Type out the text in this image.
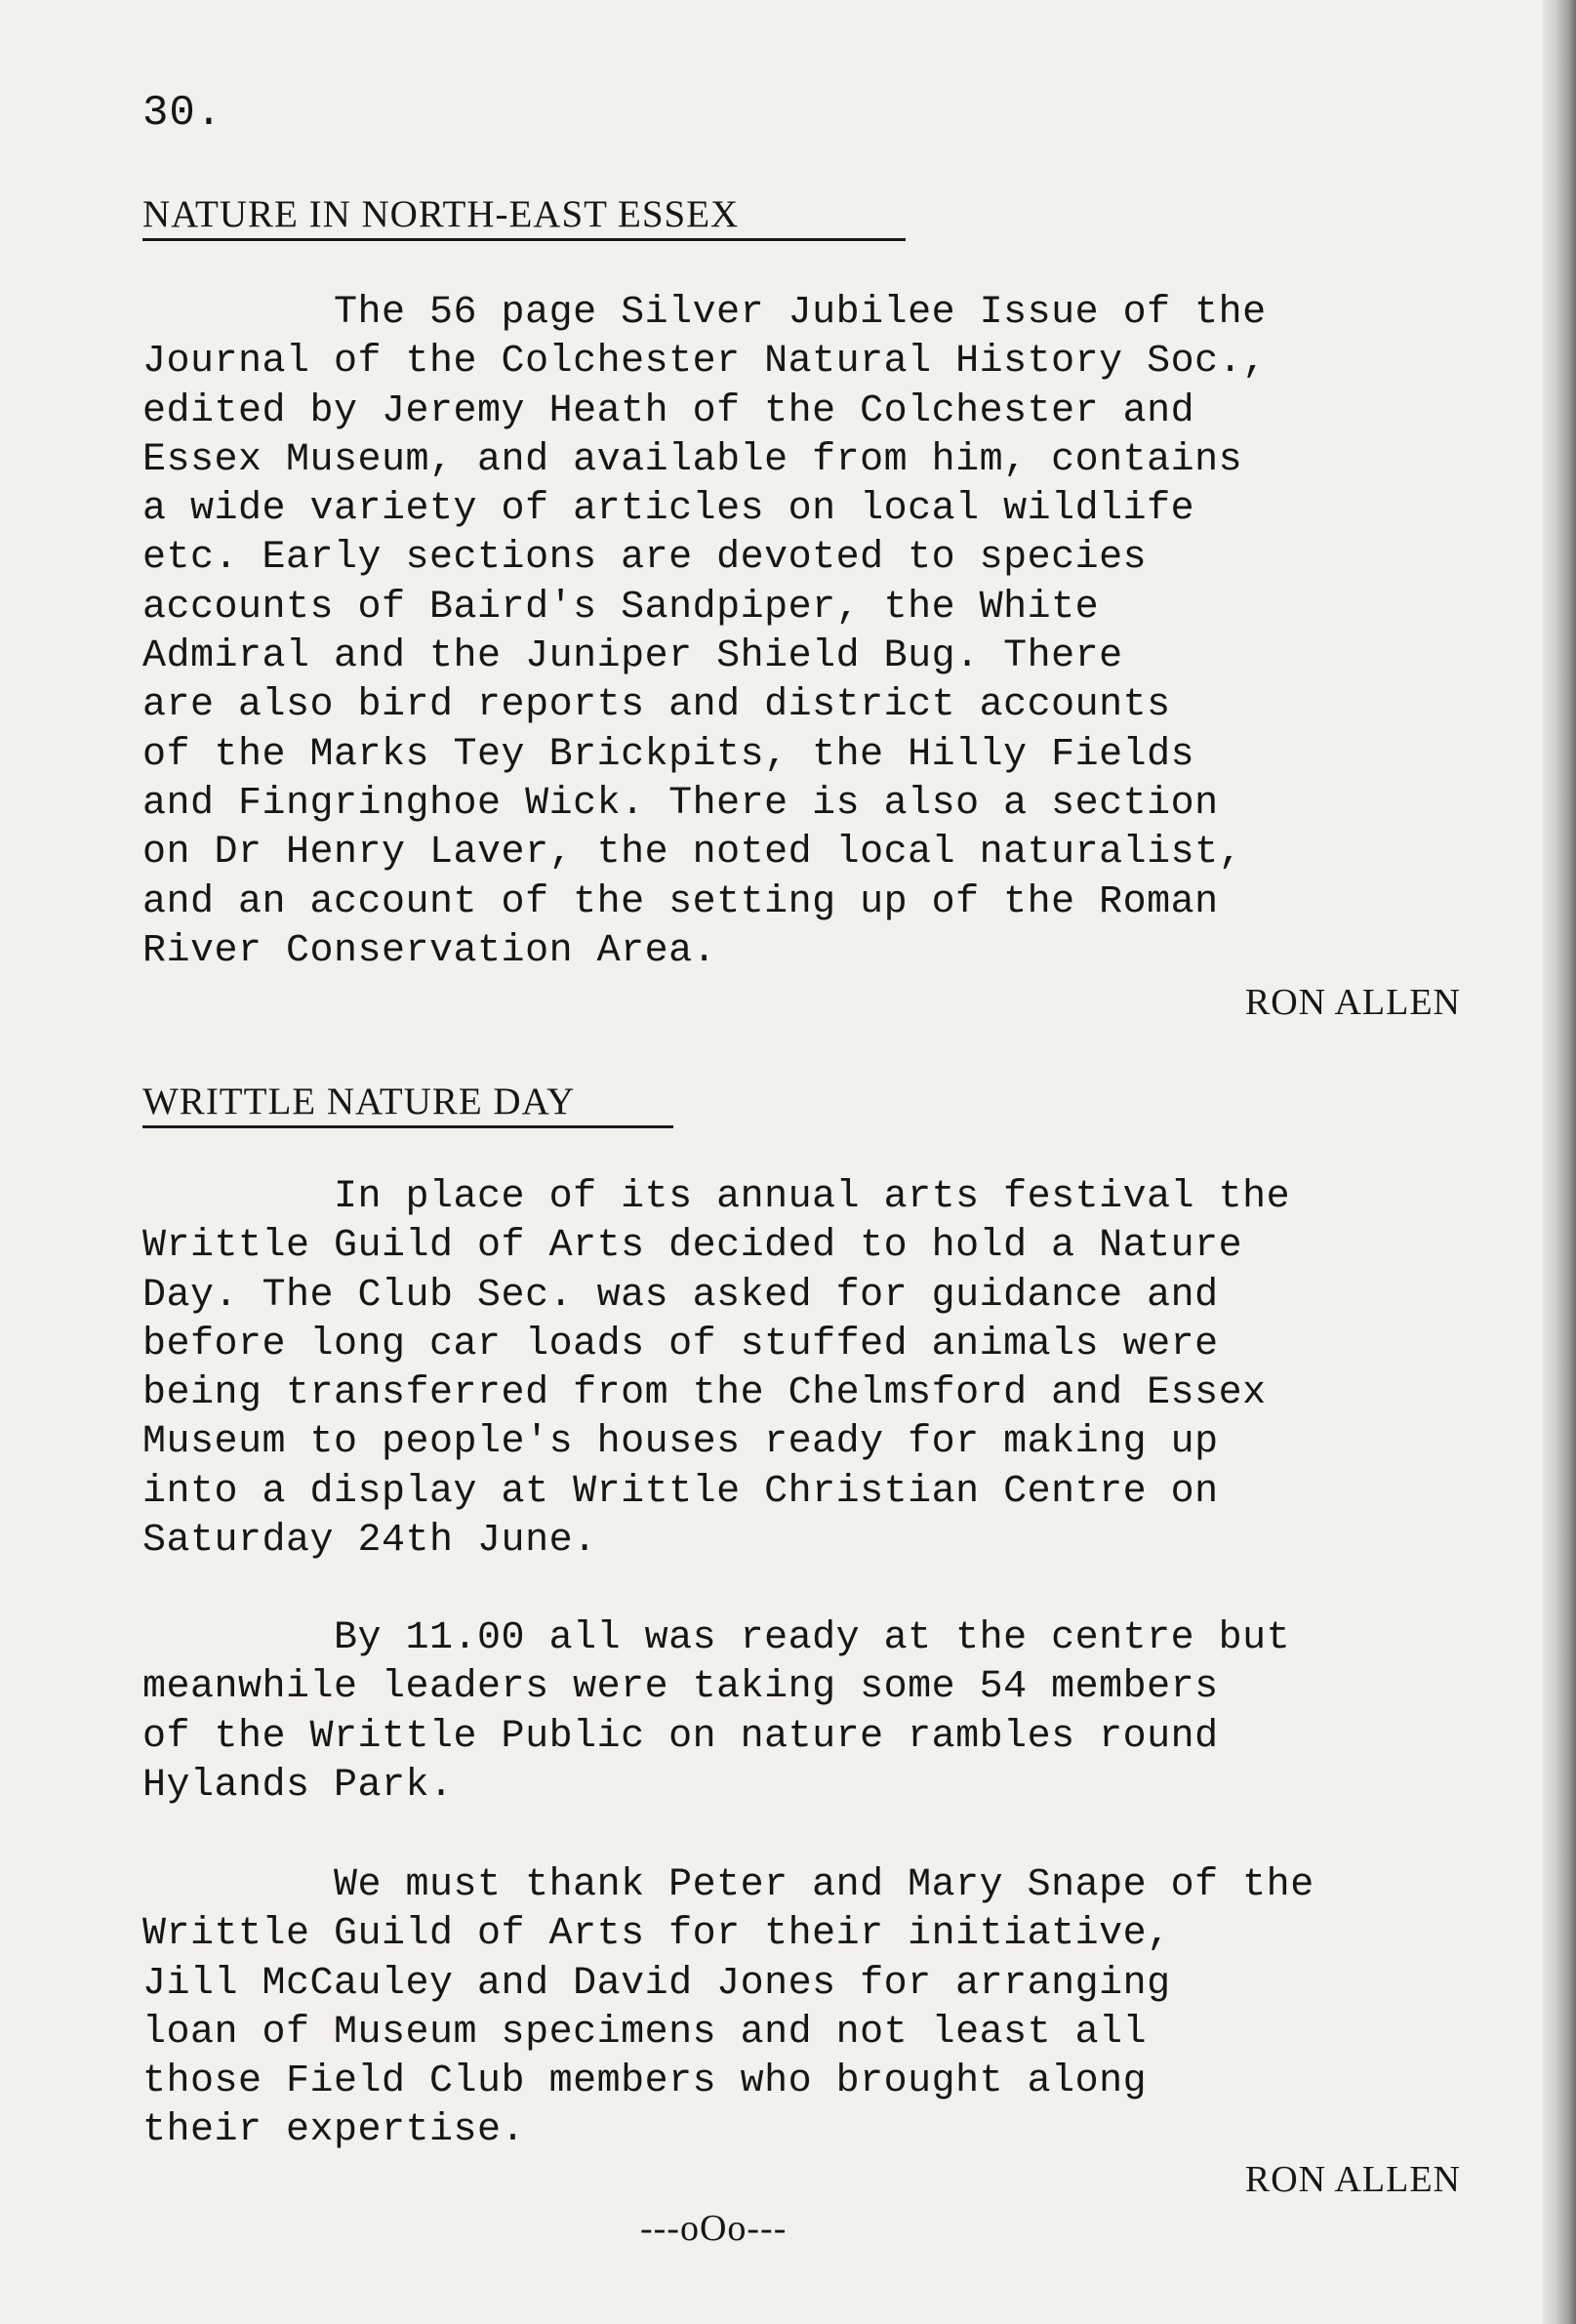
30.
NATURE IN NORTH-EAST ESSEX

The 56 page Silver Jubilee Issue of the
Journal of the Colchester Natural History Soc.,
edited by Jeremy Heath of the Colchester and
Essex Museum, and available from him, contains
a wide variety of articles on local wildlife
etc. Early sections are devoted to species
accounts of Baird's Sandpiper, the White
Admiral and the Juniper Shield Bug. There
are also bird reports and district accounts
of the Marks Tey Brickpits, the Hilly Fields
and Fingringhoe Wick. There is also a section
on Dr Henry Laver, the noted local naturalist,
and an account of the setting up of the Roman
River Conservation Area.

RON ALLEN
WRITTLE NATURE DAY

In place of its annual arts festival the
Writtle Guild of Arts decided to hold a Nature
Day. The Club Sec. was asked for guidance and
before long car loads of stuffed animals were
being transferred from the Chelmsford and Essex
Museum to people's houses ready for making up
into a display at Writtle Christian Centre on
Saturday 24th June.

By 11.00 all was ready at the centre but
meanwhile leaders were taking some 54 members
of the Writtle Public on nature rambles round
Hylands Park.

We must thank Peter and Mary Snape of the
Writtle Guild of Arts for their initiative,
Jill McCauley and David Jones for arranging
loan of Museum specimens and not least all
those Field Club members who brought along
their expertise.

RON ALLEN
---oOo---
